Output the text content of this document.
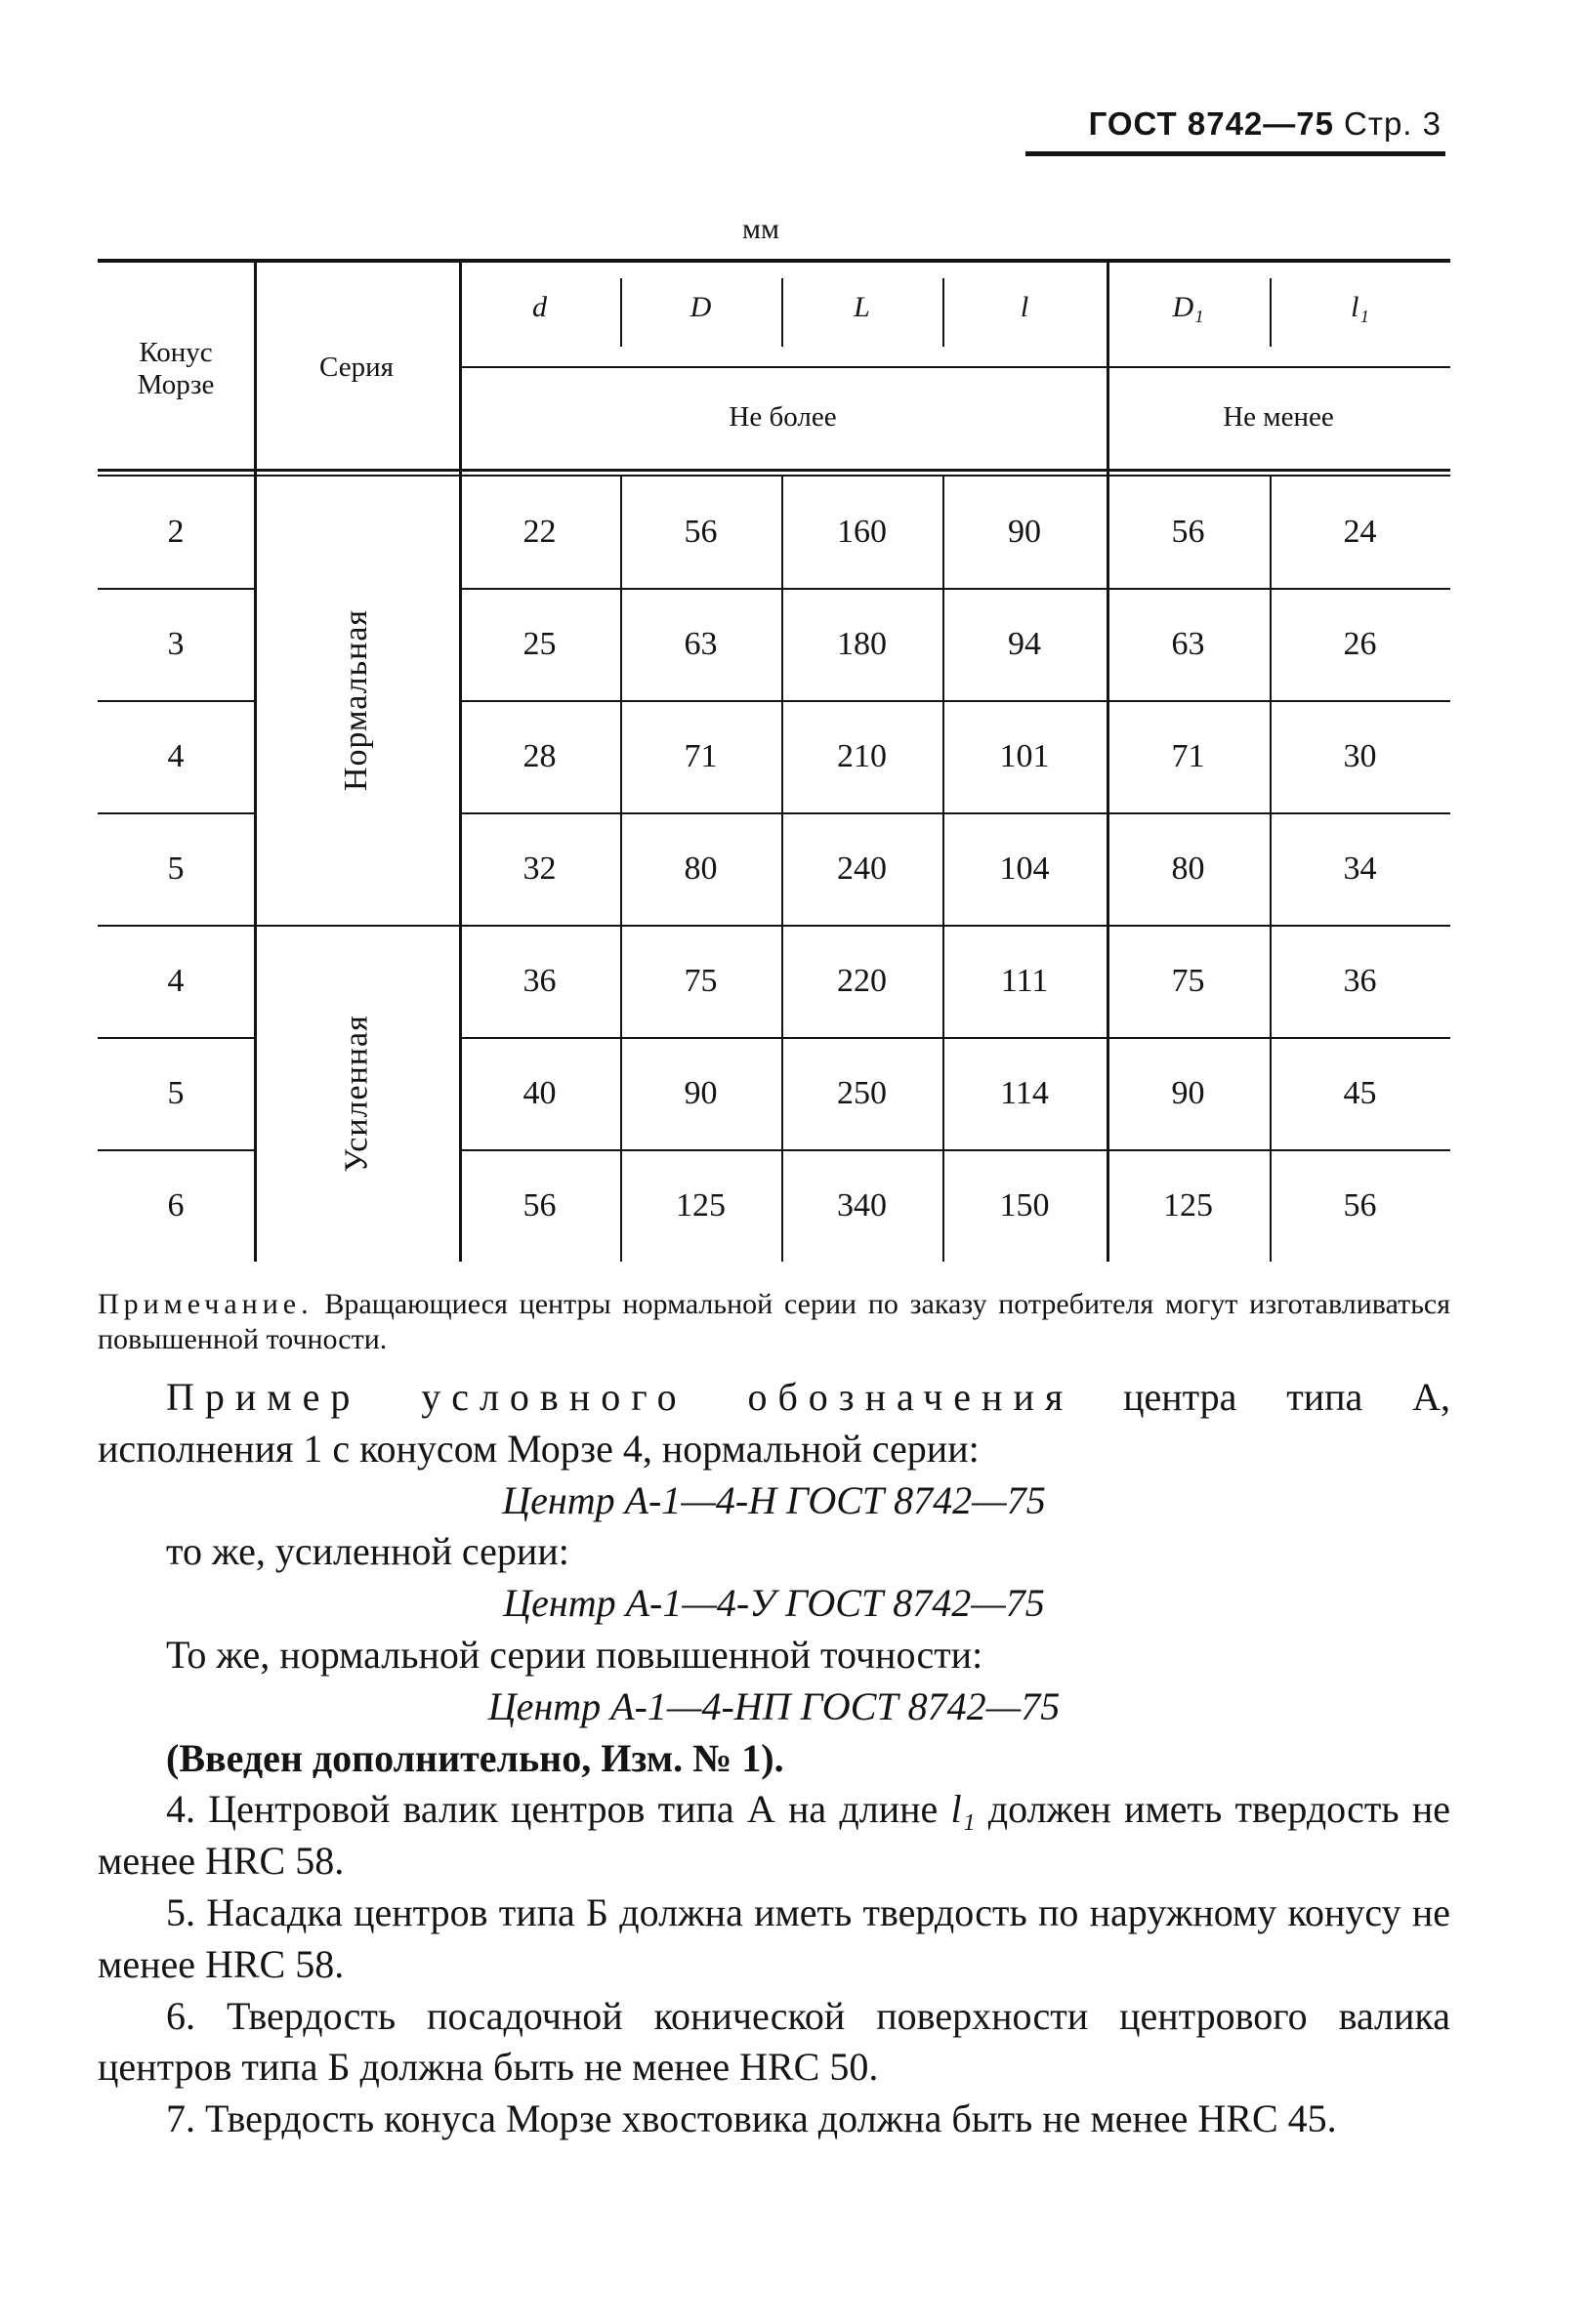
ГОСТ 8742—75 Стр. 3
мм
Конус
Морзе
Серия
d	D	L	l	D₁	l₁
Не более	Не менее
Нормальная
2	22	56	160	90	56	24
3	25	63	180	94	63	26
4	28	71	210	101	71	30
5	32	80	240	104	80	34
Усиленная
4	36	75	220	111	75	36
5	40	90	250	114	90	45
6	56	125	340	150	125	56
Примечание. Вращающиеся центры нормальной серии по заказу потребителя могут изготавливаться повышенной точности.

Пример условного обозначения центра типа А, исполнения 1 с конусом Морзе 4, нормальной серии:

Центр А-1—4-Н ГОСТ 8742—75

то же, усиленной серии:

Центр А-1—4-У ГОСТ 8742—75

То же, нормальной серии повышенной точности:

Центр А-1—4-НП ГОСТ 8742—75

(Введен дополнительно, Изм. № 1).

4. Центровой валик центров типа А на длине l₁ должен иметь твердость не менее HRC 58.

5. Насадка центров типа Б должна иметь твердость по наружному конусу не менее HRC 58.

6. Твердость посадочной конической поверхности центрового валика центров типа Б должна быть не менее HRC 50.

7. Твердость конуса Морзе хвостовика должна быть не менее HRC 45.
